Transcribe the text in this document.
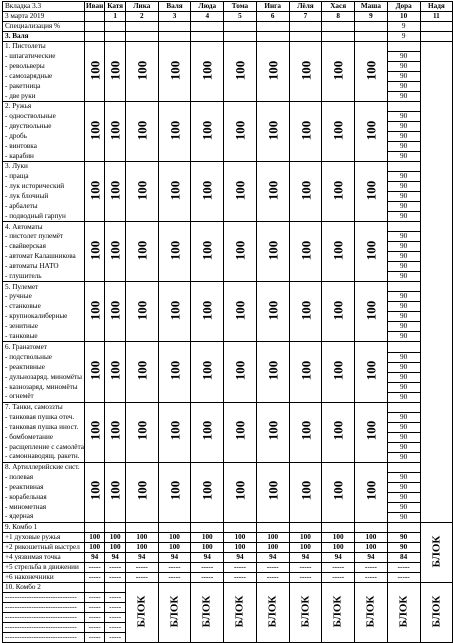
Вкладка 3.3	Иван	Катя	Лика	Валя	Люда	Тома	Инга	Лёля	Хася	Маша	Дора	Надя
3 марта 2019		1	2	3	4	5	6	7	8	9	10	11
Специализация %											9	
3. Валя											9	
1. Пистолеты	100	100	100	100	100	100	100	100	100	100		
- шпагатические											90	
- револьверы											90	
- самозарядные											90	
- ракетница											90	
- две руки											90	
2. Ружья	100	100	100	100	100	100	100	100	100	100		
- одноствольные											90	
- двуствольные											90	
- дробь											90	
- винтовка											90	
- карабин											90	
3. Луки	100	100	100	100	100	100	100	100	100	100		
- праща											90	
- лук исторический											90	
- лук блочный											90	
- арбалеты											90	
- подводный гарпун											90	
4. Автоматы	100	100	100	100	100	100	100	100	100	100		
- пистолет пулемёт											90	
- свайверская											90	
- автомат Калашникова											90	
- автоматы НАТО											90	
- глушитель											90	
5. Пулемет	100	100	100	100	100	100	100	100	100	100		
- ручные											90	
- станковые											90	
- крупнокалиберные											90	
- зенитные											90	
- танковые											90	
6. Гранатомет	100	100	100	100	100	100	100	100	100	100		
- подствольные											90	
- реактивные											90	
- дульнозаряд. миномёты											90	
- казнозаряд. миномёты											90	
- огнемёт											90	
7. Танки, самоззты	100	100	100	100	100	100	100	100	100	100		
- танковая пушка отеч.											90	
- танковая пушка иност.											90	
- бомбометание											90	
- расщепление с самолёта											90	
- самоннаводящ. ракетн.											90	
8. Артиллерийские сист.	100	100	100	100	100	100	100	100	100	100		
- полевая											90	
- реактивная											90	
- корабельная											90	
- минометная											90	
- ядерная											90	
9. Комбо 1												БЛОК
+1 духовые ружья	100	100	100	100	100	100	100	100	100	100	90	
+2 рикошетный выстрел	100	100	100	100	100	100	100	100	100	100	90	
+4 уязвимая точка	94	94	94	94	94	94	94	94	94	94	84	
+5 стрельба в движении	-----	-----	-----	-----	-----	-----	-----	-----	-----	-----	-----	
+6 наконечники	-----	-----	-----	-----	-----	-----	-----	-----	-----	-----	-----	
10. Комбо 2			БЛОК	БЛОК	БЛОК	БЛОК	БЛОК	БЛОК	БЛОК	БЛОК	БЛОК	БЛОК
------------------------------	-----	-----										
------------------------------	-----	-----										
------------------------------	-----	-----										
------------------------------	-----	-----										
------------------------------	-----	-----										
